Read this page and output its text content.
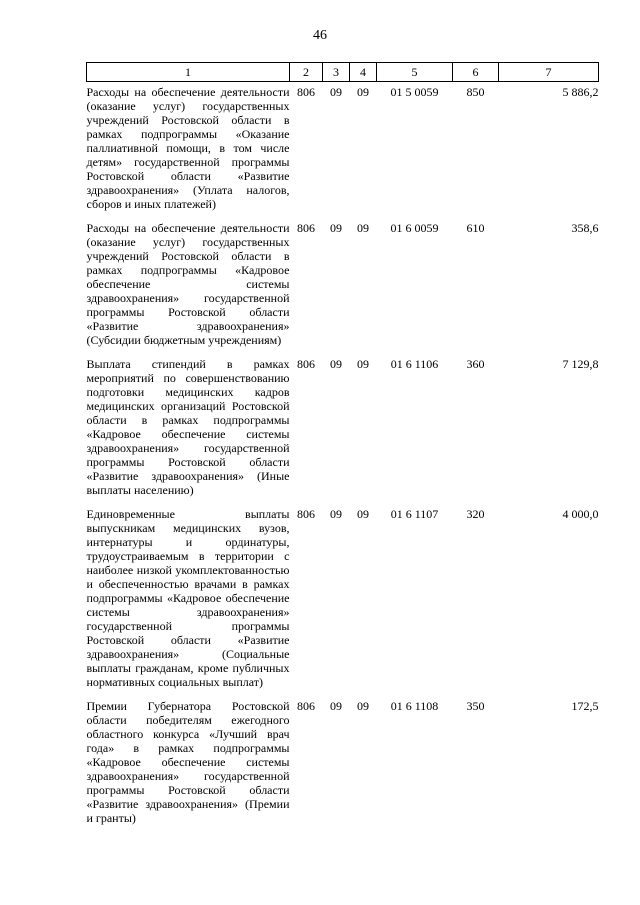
46
1	2	3	4	5	6	7
Расходы на обеспечение деятельности (оказание услуг) государственных учреждений Ростовской области в рамках подпрограммы «Оказание паллиативной помощи, в том числе детям» государственной программы Ростовской области «Развитие здравоохранения» (Уплата налогов, сборов и иных платежей)	806	09	09	01 5 0059	850	5 886,2
Расходы на обеспечение деятельности (оказание услуг) государственных учреждений Ростовской области в рамках подпрограммы «Кадровое обеспечение системы здравоохранения» государственной программы Ростовской области «Развитие здравоохранения» (Субсидии бюджетным учреждениям)	806	09	09	01 6 0059	610	358,6
Выплата стипендий в рамках мероприятий по совершенствованию подготовки медицинских кадров медицинских организаций Ростовской области в рамках подпрограммы «Кадровое обеспечение системы здравоохранения» государственной программы Ростовской области «Развитие здравоохранения» (Иные выплаты населению)	806	09	09	01 6 1106	360	7 129,8
Единовременные выплаты выпускникам медицинских вузов, интернатуры и ординатуры, трудоустраиваемым в территории с наиболее низкой укомплектованностью и обеспеченностью врачами в рамках подпрограммы «Кадровое обеспечение системы здравоохранения» государственной программы Ростовской области «Развитие здравоохранения» (Социальные выплаты гражданам, кроме публичных нормативных социальных выплат)	806	09	09	01 6 1107	320	4 000,0
Премии Губернатора Ростовской области победителям ежегодного областного конкурса «Лучший врач года» в рамках подпрограммы «Кадровое обеспечение системы здравоохранения» государственной программы Ростовской области «Развитие здравоохранения» (Премии и гранты)	806	09	09	01 6 1108	350	172,5
